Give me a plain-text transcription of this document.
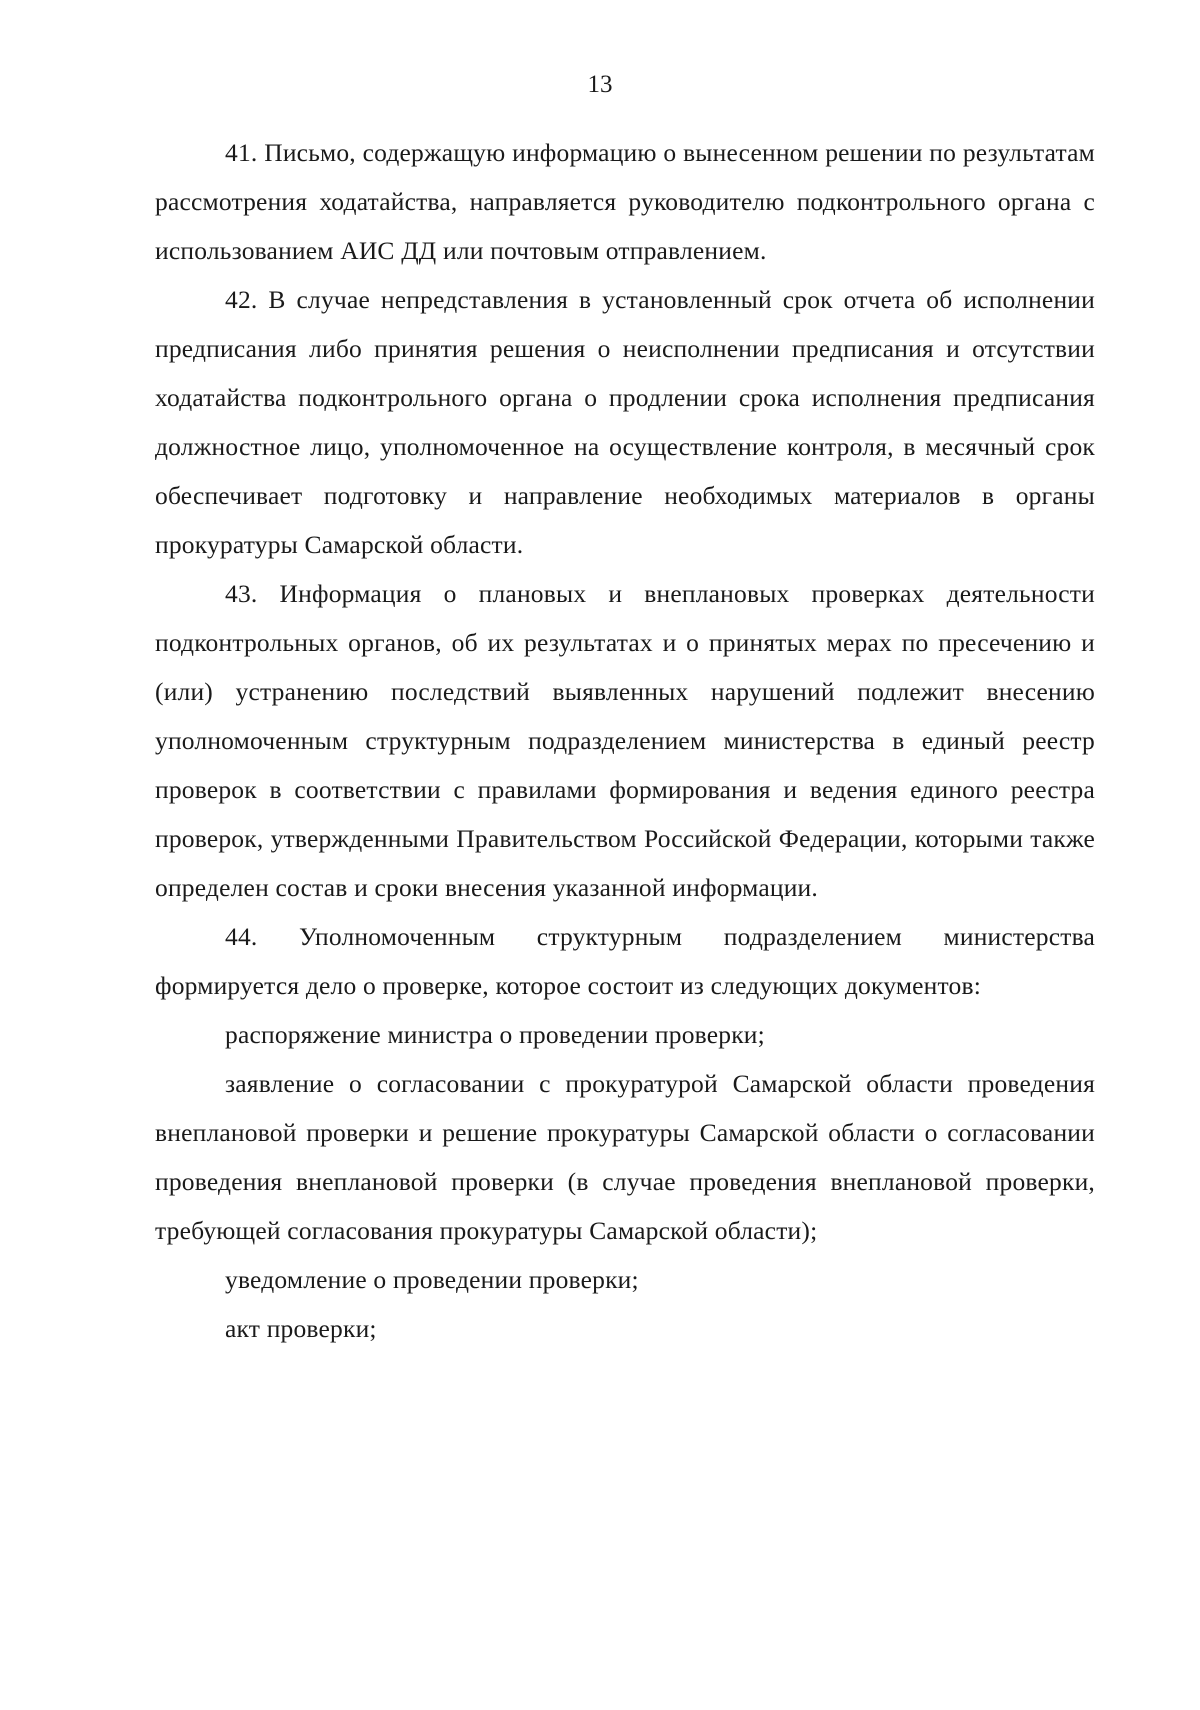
13

41. Письмо, содержащую информацию о вынесенном решении по результатам рассмотрения ходатайства, направляется руководителю подконтрольного органа с использованием АИС ДД или почтовым отправлением.

42. В случае непредставления в установленный срок отчета об исполнении предписания либо принятия решения о неисполнении предписания и отсутствии ходатайства подконтрольного органа о продлении срока исполнения предписания должностное лицо, уполномоченное на осуществление контроля, в месячный срок обеспечивает подготовку и направление необходимых материалов в органы прокуратуры Самарской области.

43. Информация о плановых и внеплановых проверках деятельности подконтрольных органов, об их результатах и о принятых мерах по пресечению и (или) устранению последствий выявленных нарушений подлежит внесению уполномоченным структурным подразделением министерства в единый реестр проверок в соответствии с правилами формирования и ведения единого реестра проверок, утвержденными Правительством Российской Федерации, которыми также определен состав и сроки внесения указанной информации.

44. Уполномоченным структурным подразделением министерства формируется дело о проверке, которое состоит из следующих документов:

распоряжение министра о проведении проверки;

заявление о согласовании с прокуратурой Самарской области проведения внеплановой проверки и решение прокуратуры Самарской области о согласовании проведения внеплановой проверки (в случае проведения внеплановой проверки, требующей согласования прокуратуры Самарской области);

уведомление о проведении проверки;

акт проверки;
